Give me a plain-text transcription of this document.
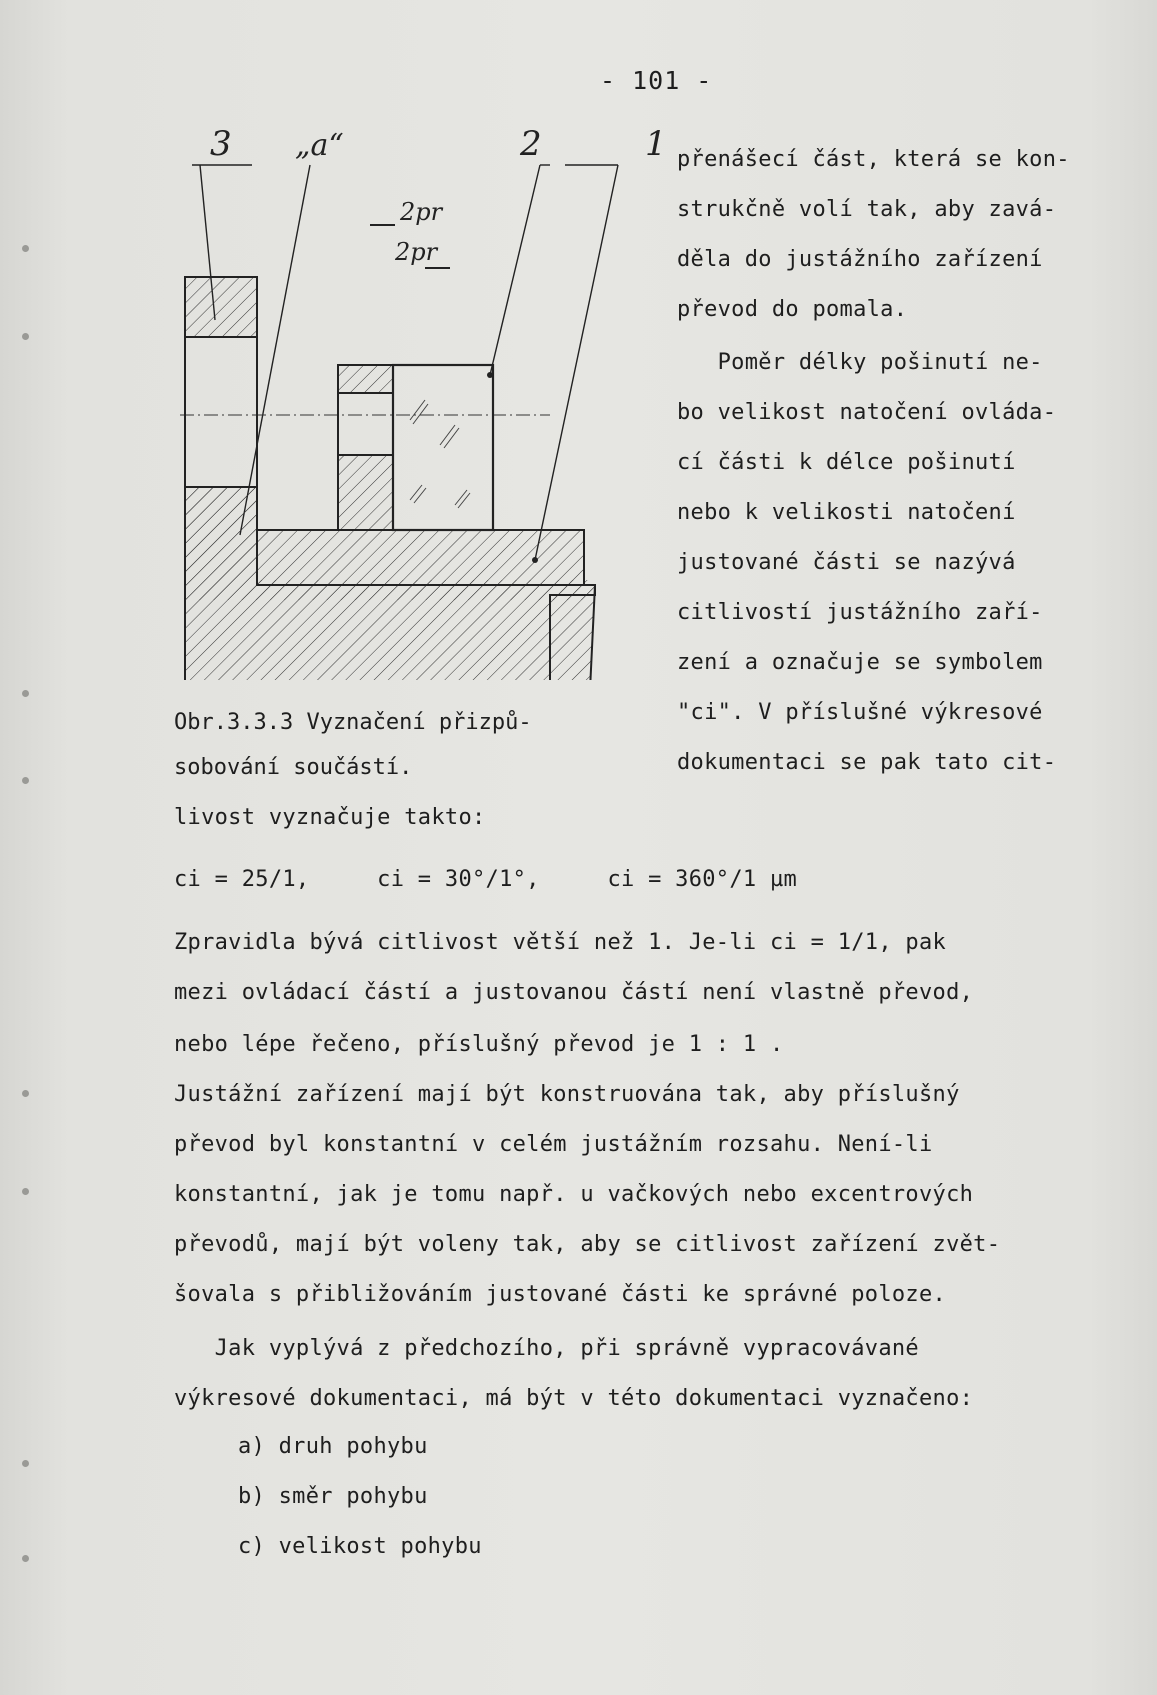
- 101 -
3 „a“	2	1
2pr
2pr
Obr.3.3.3 Vyznačení přizpů-
sobování součástí.
přenášecí část, která se kon-
strukčně volí tak, aby zavá-
děla do justážního zařízení
převod do pomala.
Poměr délky pošinutí ne-
bo velikost natočení ovláda-
cí části k délce pošinutí
nebo k velikosti natočení
justované části se nazývá
citlivostí justážního zaří-
zení a označuje se symbolem
"ci". V příslušné výkresové
dokumentaci se pak tato cit-
livost vyznačuje takto:
ci = 25/1,     ci = 30°/1°,     ci = 360°/1 µm
Zpravidla bývá citlivost větší než 1. Je-li ci = 1/1, pak
mezi ovládací částí a justovanou částí není vlastně převod,
nebo lépe řečeno, příslušný převod je 1 : 1 .
Justážní zařízení mají být konstruována tak, aby příslušný
převod byl konstantní v celém justážním rozsahu. Není-li
konstantní, jak je tomu např. u vačkových nebo excentrových
převodů, mají být voleny tak, aby se citlivost zařízení zvět-
šovala s přibližováním justované části ke správné poloze.
Jak vyplývá z předchozího, při správně vypracovávané
výkresové dokumentaci, má být v této dokumentaci vyznačeno:
a) druh pohybu
b) směr pohybu
c) velikost pohybu
